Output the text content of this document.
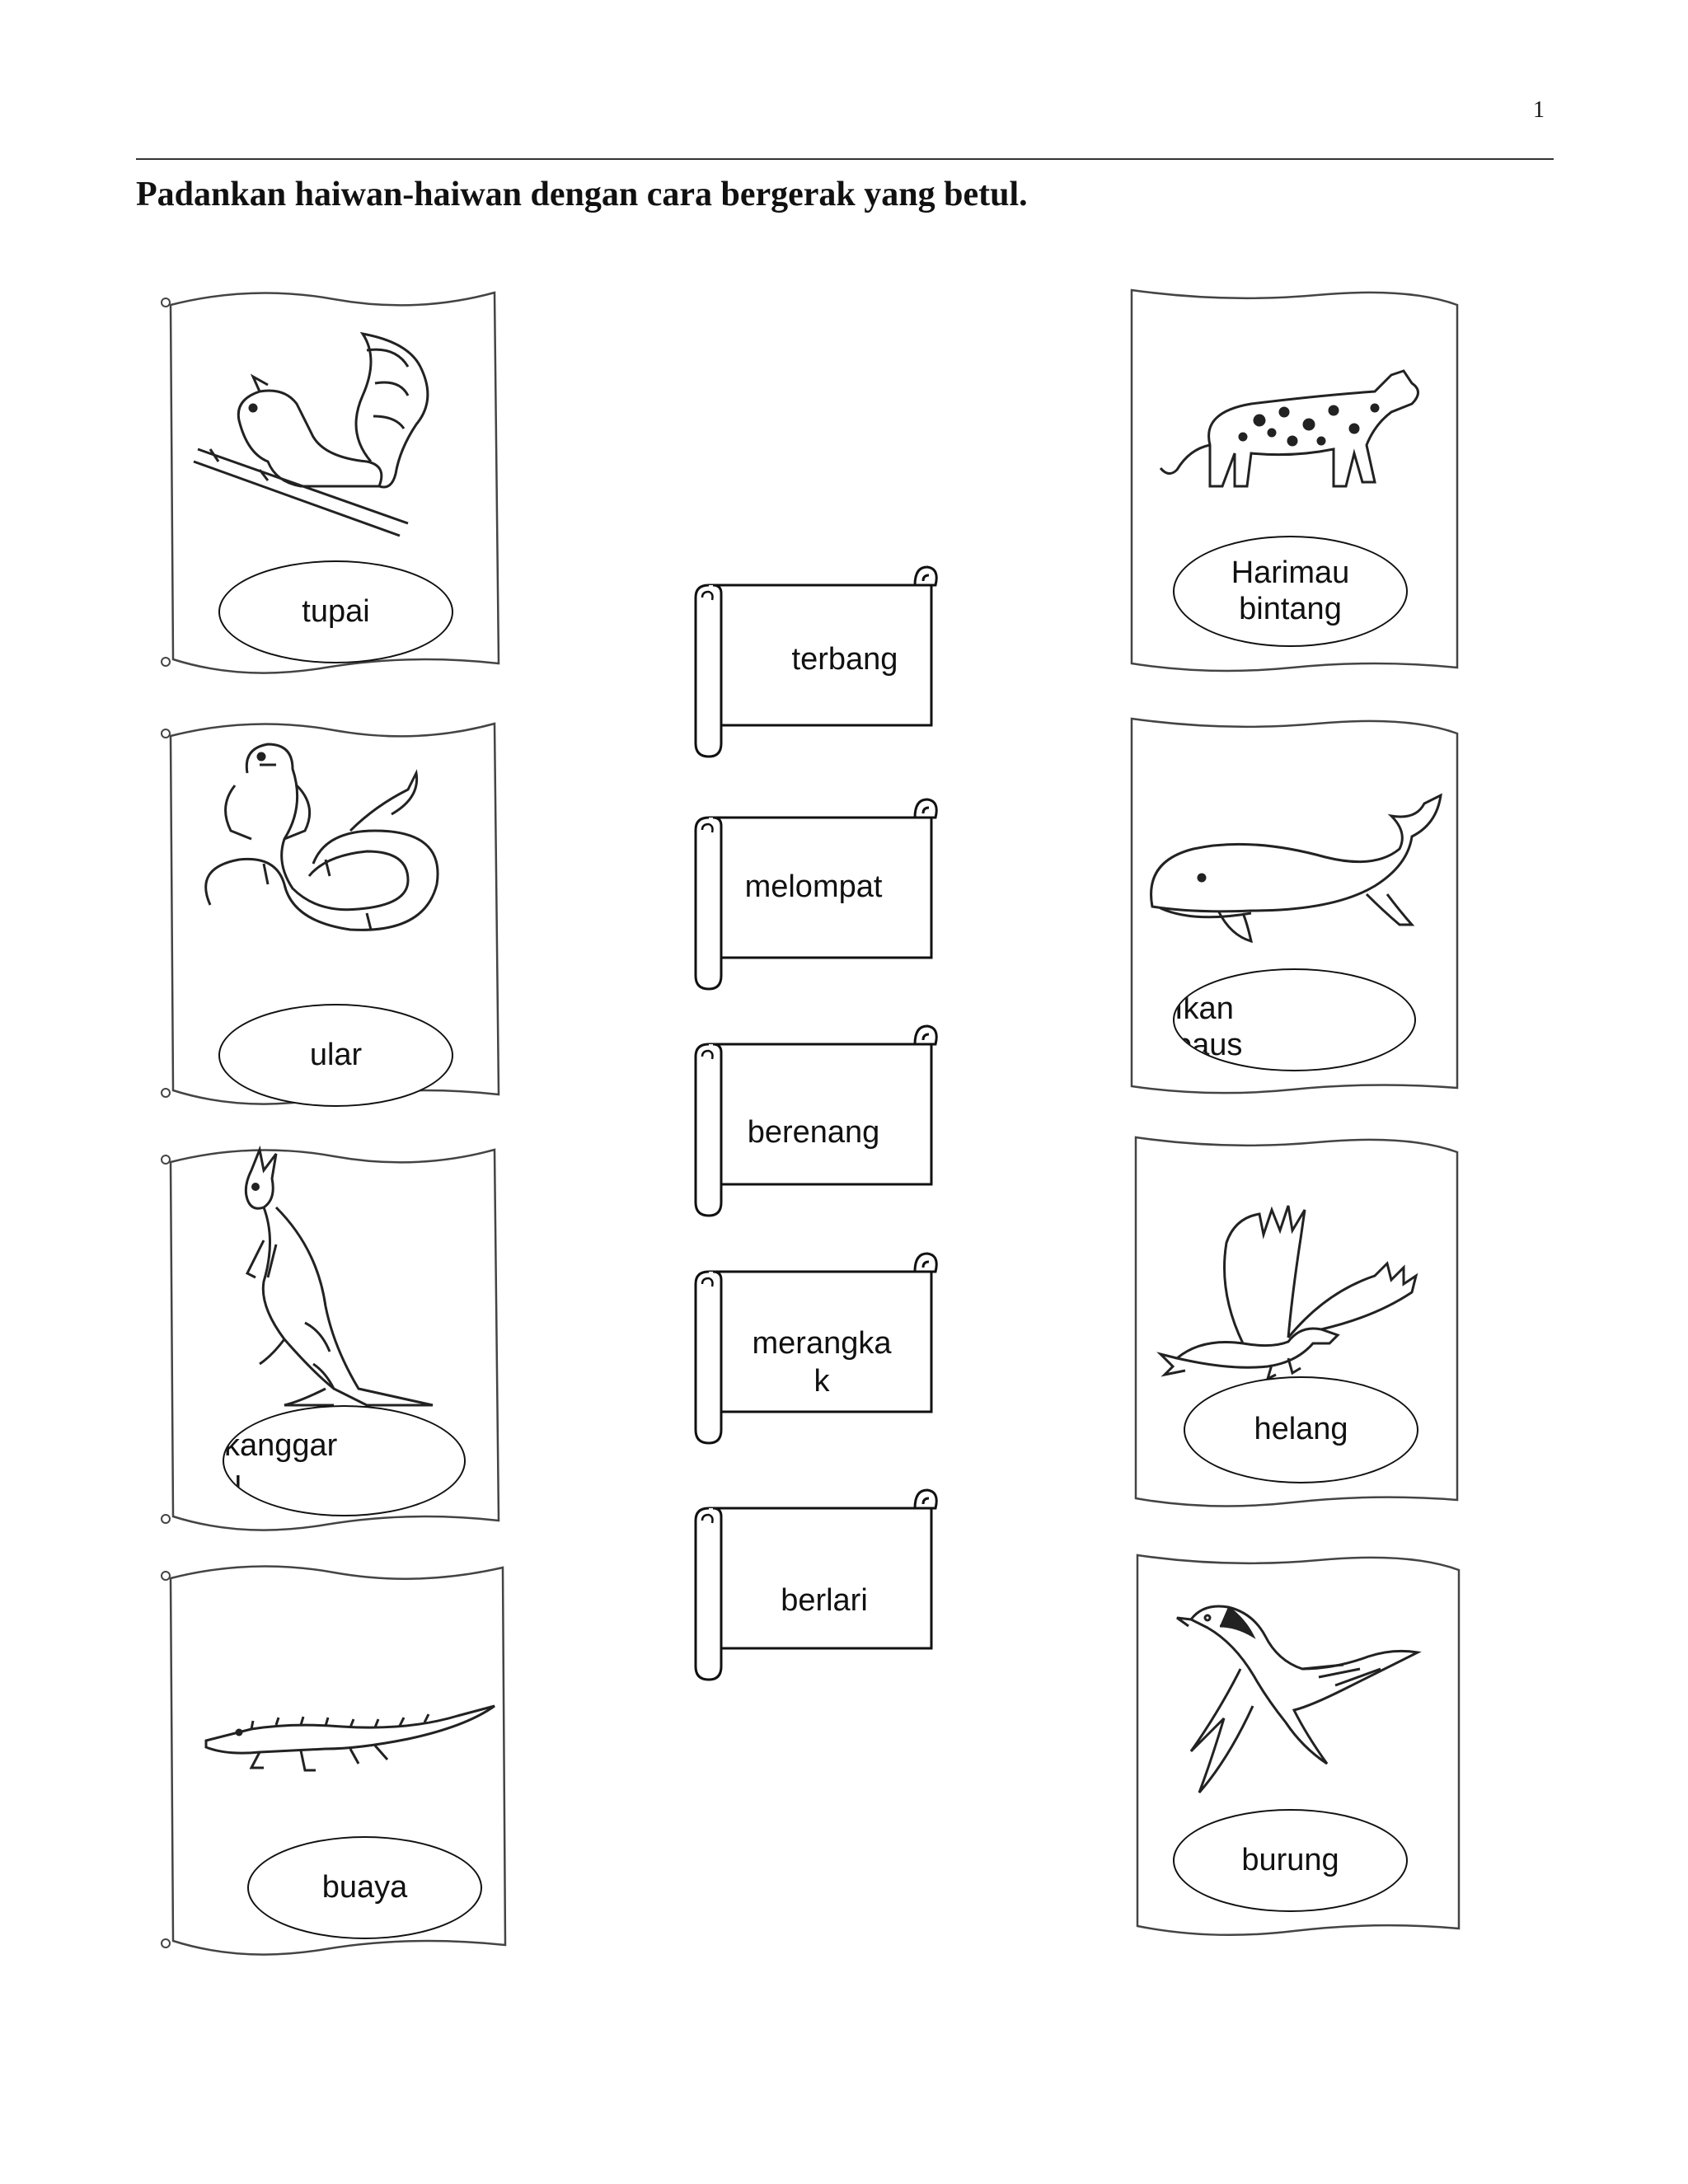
1
Padankan haiwan-haiwan dengan cara bergerak yang betul.
tupai
ular
kanggar
u
buaya
terbang
melompat
berenang
merangka
k
berlari
Harimau
bintang
Ikan
paus
helang
burung
